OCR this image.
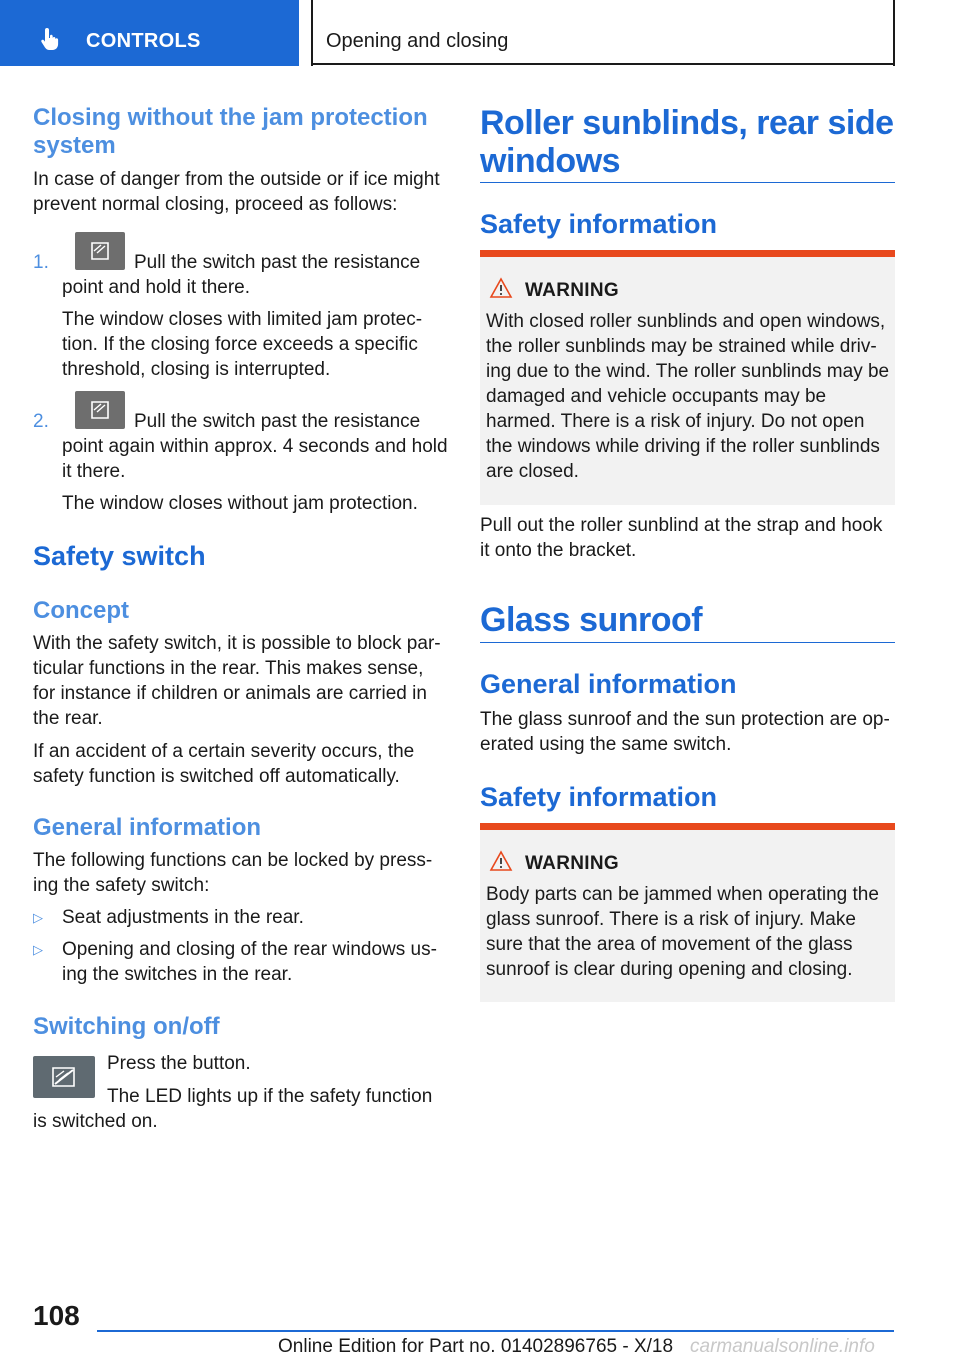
CONTROLS	Opening and closing
Closing without the jam protection system
In case of danger from the outside or if ice might prevent normal closing, proceed as follows:
1.	Pull the switch past the resistance point and hold it there.
The window closes with limited jam protection. If the closing force exceeds a specific threshold, closing is interrupted.
2.	Pull the switch past the resistance point again within approx. 4 seconds and hold it there.
The window closes without jam protection.
Safety switch
Concept
With the safety switch, it is possible to block particular functions in the rear. This makes sense, for instance if children or animals are carried in the rear.
If an accident of a certain severity occurs, the safety function is switched off automatically.
General information
The following functions can be locked by pressing the safety switch:
▷ Seat adjustments in the rear.
▷ Opening and closing of the rear windows using the switches in the rear.
Switching on/off
Press the button.
The LED lights up if the safety function is switched on.
Roller sunblinds, rear side windows
Safety information
WARNING
With closed roller sunblinds and open windows, the roller sunblinds may be strained while driving due to the wind. The roller sunblinds may be damaged and vehicle occupants may be harmed. There is a risk of injury. Do not open the windows while driving if the roller sunblinds are closed.
Pull out the roller sunblind at the strap and hook it onto the bracket.
Glass sunroof
General information
The glass sunroof and the sun protection are operated using the same switch.
Safety information
WARNING
Body parts can be jammed when operating the glass sunroof. There is a risk of injury. Make sure that the area of movement of the glass sunroof is clear during opening and closing.
108
Online Edition for Part no. 01402896765 - X/18 carmanualsonline.info
